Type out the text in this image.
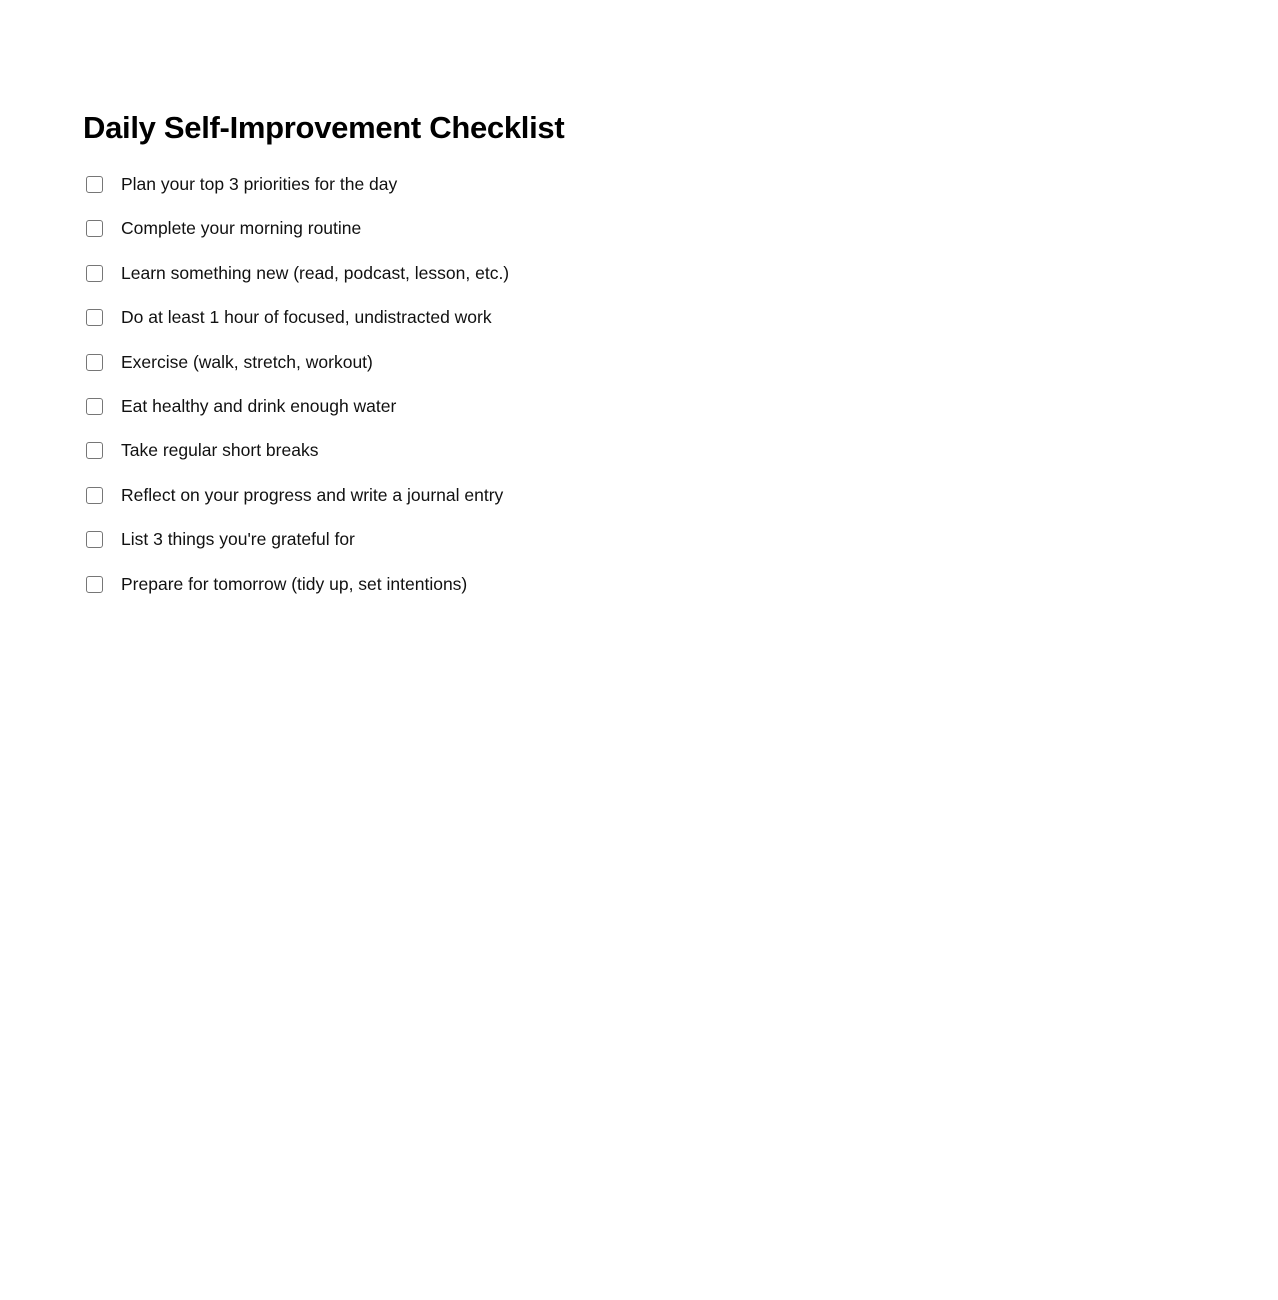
Daily Self-Improvement Checklist
Plan your top 3 priorities for the day
Complete your morning routine
Learn something new (read, podcast, lesson, etc.)
Do at least 1 hour of focused, undistracted work
Exercise (walk, stretch, workout)
Eat healthy and drink enough water
Take regular short breaks
Reflect on your progress and write a journal entry
List 3 things you're grateful for
Prepare for tomorrow (tidy up, set intentions)
